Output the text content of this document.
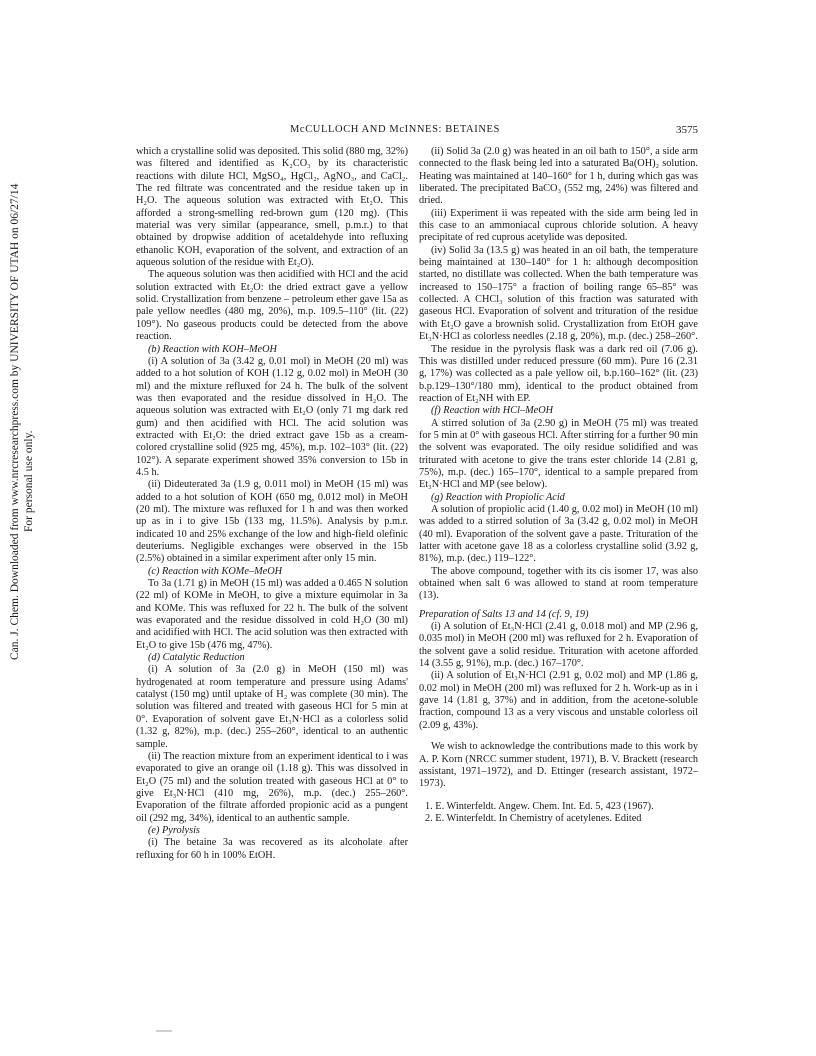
McCULLOCH AND McINNES: BETAINES	3575
Can. J. Chem. Downloaded from www.nrcresearchpress.com by UNIVERSITY OF UTAH on 06/27/14 For personal use only.

which a crystalline solid was deposited. This solid (880 mg, 32%) was filtered and identified as K₂CO₃ by its characteristic reactions with dilute HCl, MgSO₄, HgCl₂, AgNO₃, and CaCl₂. The red filtrate was concentrated and the residue taken up in H₂O. The aqueous solution was extracted with Et₂O. This afforded a strong-smelling red-brown gum (120 mg). (This material was very similar (appearance, smell, p.m.r.) to that obtained by dropwise addition of acetaldehyde into refluxing ethanolic KOH, evaporation of the solvent, and extraction of an aqueous solution of the residue with Et₂O).

The aqueous solution was then acidified with HCl and the acid solution extracted with Et₂O: the dried extract gave a yellow solid. Crystallization from benzene – petroleum ether gave 15a as pale yellow needles (480 mg, 20%), m.p. 109.5–110° (lit. (22) 109°). No gaseous products could be detected from the above reaction.

(b) Reaction with KOH–MeOH

(i) A solution of 3a (3.42 g, 0.01 mol) in MeOH (20 ml) was added to a hot solution of KOH (1.12 g, 0.02 mol) in MeOH (30 ml) and the mixture refluxed for 24 h. The bulk of the solvent was then evaporated and the residue dissolved in H₂O. The aqueous solution was extracted with Et₂O (only 71 mg dark red gum) and then acidified with HCl. The acid solution was extracted with Et₂O: the dried extract gave 15b as a cream-colored crystalline solid (925 mg, 45%), m.p. 102–103° (lit. (22) 102°). A separate experiment showed 35% conversion to 15b in 4.5 h.

(ii) Dideuterated 3a (1.9 g, 0.011 mol) in MeOH (15 ml) was added to a hot solution of KOH (650 mg, 0.012 mol) in MeOH (20 ml). The mixture was refluxed for 1 h and was then worked up as in i to give 15b (133 mg, 11.5%). Analysis by p.m.r. indicated 10 and 25% exchange of the low and high-field olefinic deuteriums. Negligible exchanges were observed in the 15b (2.5%) obtained in a similar experiment after only 15 min.

(c) Reaction with KOMe–MeOH

To 3a (1.71 g) in MeOH (15 ml) was added a 0.465 N solution (22 ml) of KOMe in MeOH, to give a mixture equimolar in 3a and KOMe. This was refluxed for 22 h. The bulk of the solvent was evaporated and the residue dissolved in cold H₂O (30 ml) and acidified with HCl. The acid solution was then extracted with Et₂O to give 15b (476 mg, 47%).

(d) Catalytic Reduction

(i) A solution of 3a (2.0 g) in MeOH (150 ml) was hydrogenated at room temperature and pressure using Adams' catalyst (150 mg) until uptake of H₂ was complete (30 min). The solution was filtered and treated with gaseous HCl for 5 min at 0°. Evaporation of solvent gave Et₃N·HCl as a colorless solid (1.32 g, 82%), m.p. (dec.) 255–260°, identical to an authentic sample.

(ii) The reaction mixture from an experiment identical to i was evaporated to give an orange oil (1.18 g). This was dissolved in Et₂O (75 ml) and the solution treated with gaseous HCl at 0° to give Et₃N·HCl (410 mg, 26%), m.p. (dec.) 255–260°. Evaporation of the filtrate afforded propionic acid as a pungent oil (292 mg, 34%), identical to an authentic sample.

(e) Pyrolysis

(i) The betaine 3a was recovered as its alcoholate after refluxing for 60 h in 100% EtOH.

(ii) Solid 3a (2.0 g) was heated in an oil bath to 150°, a side arm connected to the flask being led into a saturated Ba(OH)₂ solution. Heating was maintained at 140–160° for 1 h, during which gas was liberated. The precipitated BaCO₃ (552 mg, 24%) was filtered and dried.

(iii) Experiment ii was repeated with the side arm being led in this case to an ammoniacal cuprous chloride solution. A heavy precipitate of red cuprous acetylide was deposited.

(iv) Solid 3a (13.5 g) was heated in an oil bath, the temperature being maintained at 130–140° for 1 h: although decomposition started, no distillate was collected. When the bath temperature was increased to 150–175° a fraction of boiling range 65–85° was collected. A CHCl₃ solution of this fraction was saturated with gaseous HCl. Evaporation of solvent and trituration of the residue with Et₂O gave a brownish solid. Crystallization from EtOH gave Et₃N·HCl as colorless needles (2.18 g, 20%), m.p. (dec.) 258–260°.

The residue in the pyrolysis flask was a dark red oil (7.06 g). This was distilled under reduced pressure (60 mm). Pure 16 (2.31 g, 17%) was collected as a pale yellow oil, b.p.160–162° (lit. (23) b.p.129–130°/180 mm), identical to the product obtained from reaction of Et₂NH with EP.

(f) Reaction with HCl–MeOH

A stirred solution of 3a (2.90 g) in MeOH (75 ml) was treated for 5 min at 0° with gaseous HCl. After stirring for a further 90 min the solvent was evaporated. The oily residue solidified and was triturated with acetone to give the trans ester chloride 14 (2.81 g, 75%), m.p. (dec.) 165–170°, identical to a sample prepared from Et₃N·HCl and MP (see below).

(g) Reaction with Propiolic Acid

A solution of propiolic acid (1.40 g, 0.02 mol) in MeOH (10 ml) was added to a stirred solution of 3a (3.42 g, 0.02 mol) in MeOH (40 ml). Evaporation of the solvent gave a paste. Trituration of the latter with acetone gave 18 as a colorless crystalline solid (3.92 g, 81%), m.p. (dec.) 119–122°.

The above compound, together with its cis isomer 17, was also obtained when salt 6 was allowed to stand at room temperature (13).

Preparation of Salts 13 and 14 (cf. 9, 19)

(i) A solution of Et₃N·HCl (2.41 g, 0.018 mol) and MP (2.96 g, 0.035 mol) in MeOH (200 ml) was refluxed for 2 h. Evaporation of the solvent gave a solid residue. Trituration with acetone afforded 14 (3.55 g, 91%), m.p. (dec.) 167–170°.

(ii) A solution of Et₃N·HCl (2.91 g, 0.02 mol) and MP (1.86 g, 0.02 mol) in MeOH (200 ml) was refluxed for 2 h. Work-up as in i gave 14 (1.81 g, 37%) and in addition, from the acetone-soluble fraction, compound 13 as a very viscous and unstable colorless oil (2.09 g, 43%).

We wish to acknowledge the contributions made to this work by A. P. Korn (NRCC summer student, 1971), B. V. Brackett (research assistant, 1971–1972), and D. Ettinger (research assistant, 1972–1973).

1. E. Winterfeldt. Angew. Chem. Int. Ed. 5, 423 (1967).

2. E. Winterfeldt. In Chemistry of acetylenes. Edited
